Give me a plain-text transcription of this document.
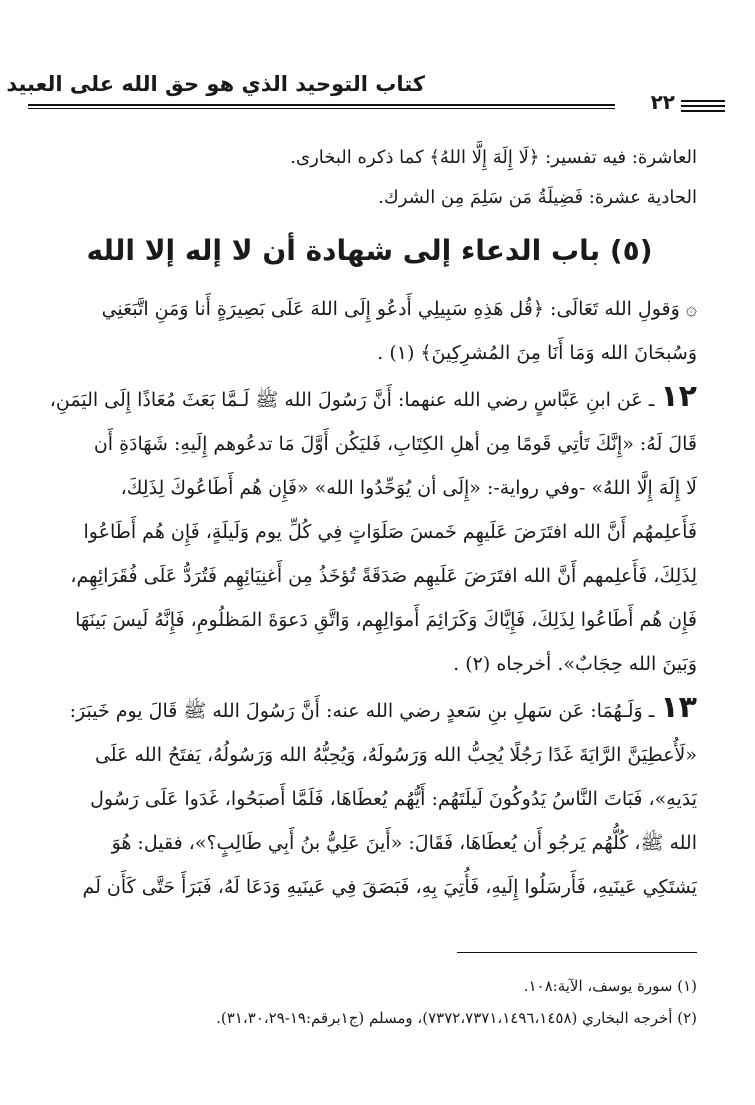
كتاب التوحيد الذي هو حق الله على العبيد
٢٢

العاشرة: فيه تفسير: ﴿لَا إِلَهَ إِلَّا اللهُ﴾ كما ذكره البخارى.

الحادية عشرة: فَضِيلَةُ مَن سَلِمَ مِن الشرك.

(٥) باب الدعاء إلى شهادة أن لا إله إلا الله

۞ وَقولِ الله تَعَالَى: ﴿قُل هَذِهِ سَبِيلِي أَدعُو إِلَى اللهَ عَلَى بَصِيرَةٍ أَنا وَمَنِ اتَّبَعَنِي

وَسُبحَانَ الله وَمَا أَنَا مِنَ المُشرِكِينَ﴾ (١) .

١٢ ـ عَن ابنِ عَبَّاسٍ رضي الله عنهما: أَنَّ رَسُولَ الله ﷺ لَـمَّا بَعَثَ مُعَاذًا إِلَى اليَمَنِ،

قَالَ لَهُ: «إِنَّكَ تَأتِي قَومًا مِن أهلِ الكِتَابِ، فَليَكُن أَوَّلَ مَا تدعُوهم إِلَيهِ: شَهَادَةِ أَن

لَا إِلَهَ إِلَّا اللهُ» -وفي رواية-: «إِلَى أن يُوَحِّدُوا الله» «فَإِن هُم أَطَاعُوكَ لِذَلِكَ،

فَأَعلِمهُم أَنَّ الله افتَرَضَ عَلَيهِم خَمسَ صَلَوَاتٍ فِي كُلِّ يوم وَلَيلَةٍ، فَإِن هُم أَطَاعُوا

لِذَلِكَ، فَأَعلِمهم أَنَّ الله افتَرَضَ عَلَيهِم صَدَقَةً تُؤخَذُ مِن أَغنِيَائِهِم فَتُرَدُّ عَلَى فُقَرَائِهِم،

فَإِن هُم أَطَاعُوا لِذَلِكَ، فَإِيَّاكَ وَكَرَائِمَ أَموَالِهِم، وَاتَّقِ دَعوَةَ المَظلُومِ، فَإِنَّهُ لَيسَ بَينَهَا

وَبَينَ الله حِجَابٌ». أخرجاه (٢) .

١٣ ـ وَلَـهُمَا: عَن سَهلِ بنِ سَعدٍ رضي الله عنه: أَنَّ رَسُولَ الله ﷺ قَالَ يوم خَيبَرَ:

«لَأُعطِيَنَّ الرَّايَةَ غَدًا رَجُلًا يُحِبُّ الله وَرَسُولَهُ، وَيُحِبُّهُ الله وَرَسُولُهُ، يَفتَحُ الله عَلَى

يَدَيهِ»، فَبَاتَ النَّاسُ يَدُوكُونَ لَيلَتَهُم: أَيُّهُم يُعطَاهَا، فَلَمَّا أَصبَحُوا، غَدَوا عَلَى رَسُول

الله ﷺ، كُلُّهُم يَرجُو أَن يُعطَاهَا، فَقَالَ: «أَينَ عَلِيُّ بنُ أَبِي طَالِبٍ؟»، فقيل: هُوَ

يَشتَكِي عَينَيهِ، فَأَرسَلُوا إِلَيهِ، فَأُتِيَ بِهِ، فَبَصَقَ فِي عَينَيهِ وَدَعَا لَهُ، فَبَرَأَ حَتَّى كَأَن لَم

(١) سورة يوسف، الآية:١٠٨.

(٢) أخرجه البخاري (٧٣٧٢،٧٣٧١،١٤٩٦،١٤٥٨)، ومسلم (ج١برقم:١٩-٣١،٣٠،٢٩).
